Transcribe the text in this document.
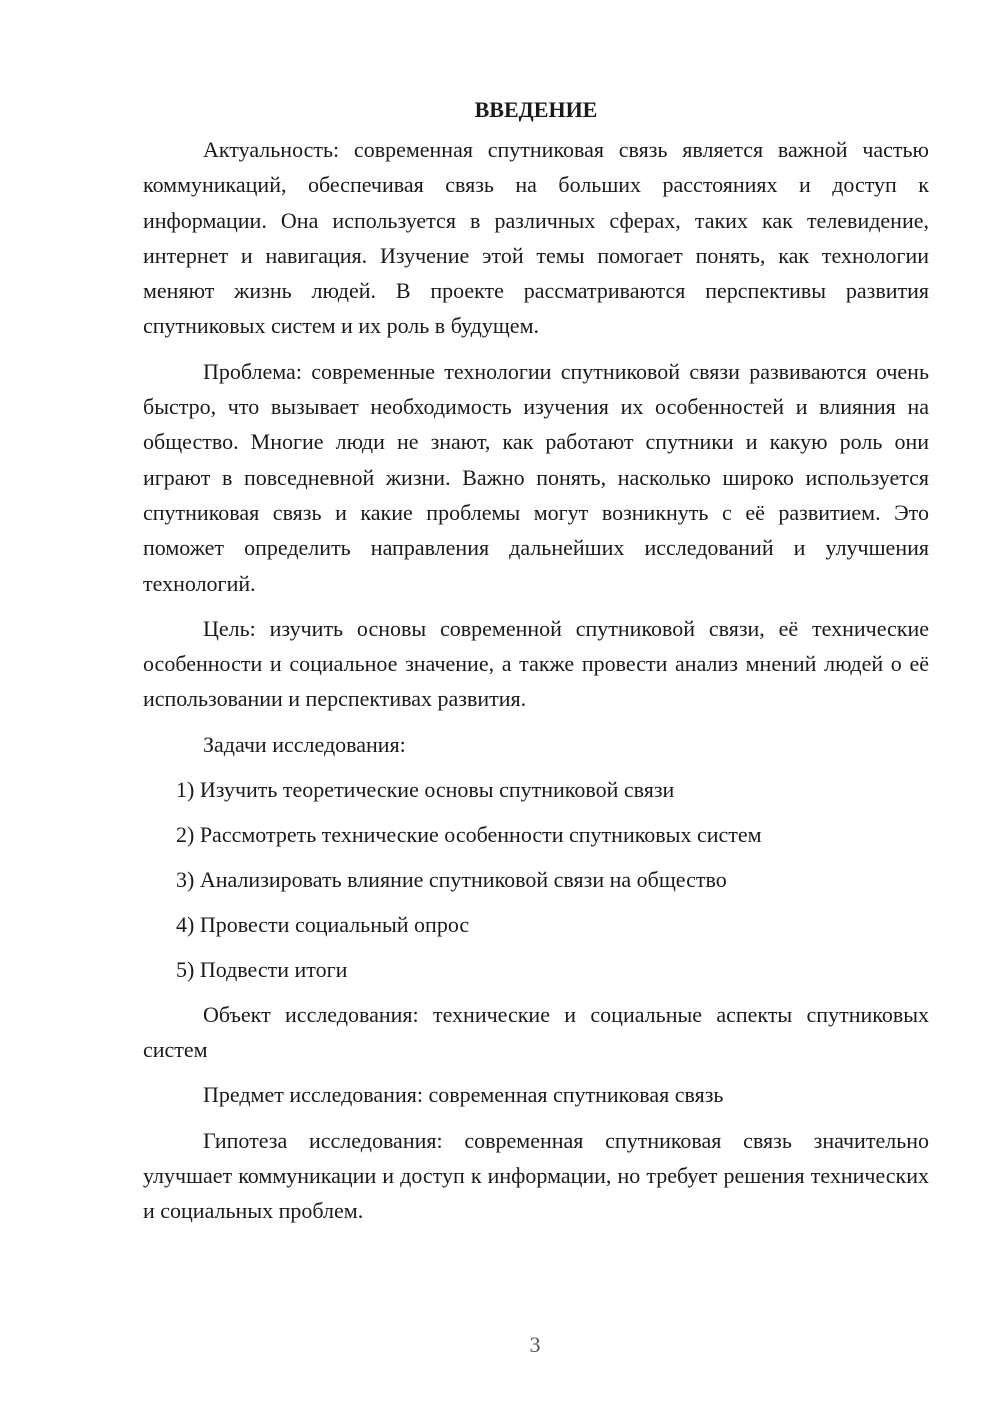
ВВЕДЕНИЕ

Актуальность: современная спутниковая связь является важной частью коммуникаций, обеспечивая связь на больших расстояниях и доступ к информации. Она используется в различных сферах, таких как телевидение, интернет и навигация. Изучение этой темы помогает понять, как технологии меняют жизнь людей. В проекте рассматриваются перспективы развития спутниковых систем и их роль в будущем.

Проблема: современные технологии спутниковой связи развиваются очень быстро, что вызывает необходимость изучения их особенностей и влияния на общество. Многие люди не знают, как работают спутники и какую роль они играют в повседневной жизни. Важно понять, насколько широко используется спутниковая связь и какие проблемы могут возникнуть с её развитием. Это поможет определить направления дальнейших исследований и улучшения технологий.

Цель: изучить основы современной спутниковой связи, её технические особенности и социальное значение, а также провести анализ мнений людей о её использовании и перспективах развития.

Задачи исследования:

1) Изучить теоретические основы спутниковой связи

2) Рассмотреть технические особенности спутниковых систем

3) Анализировать влияние спутниковой связи на общество

4) Провести социальный опрос

5) Подвести итоги

Объект исследования: технические и социальные аспекты спутниковых систем

Предмет исследования: современная спутниковая связь

Гипотеза исследования: современная спутниковая связь значительно улучшает коммуникации и доступ к информации, но требует решения технических и социальных проблем.

3
